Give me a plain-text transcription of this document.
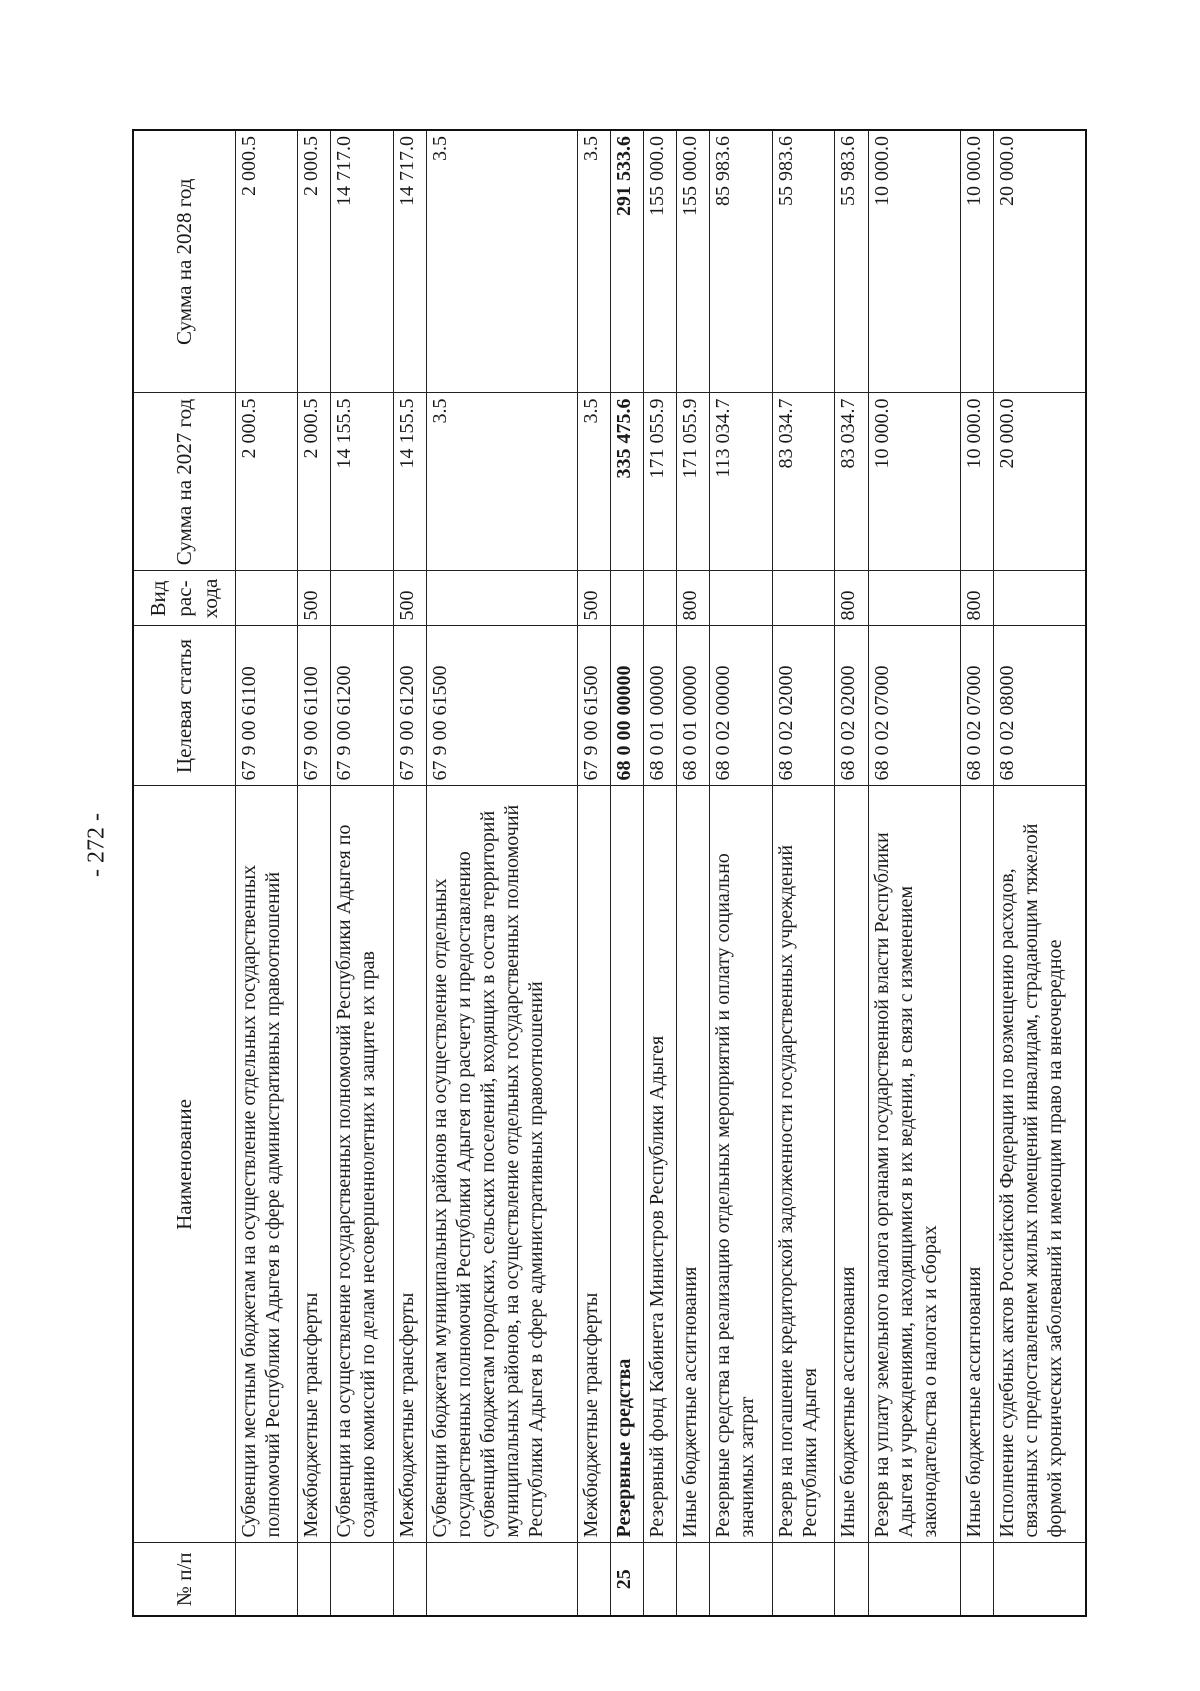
- 272 -
№ п/п	Наименование	Целевая статья	Вид рас- хода	Сумма на 2027 год	Сумма на 2028 год
	Субвенции местным бюджетам на осуществление отдельных государственных полномочий Республики Адыгея в сфере административных правоотношений	67 9 00 61100		2 000.5	2 000.5
	Межбюджетные трансферты	67 9 00 61100	500	2 000.5	2 000.5
	Субвенции на осуществление государственных полномочий Республики Адыгея по созданию комиссий по делам несовершеннолетних и защите их прав	67 9 00 61200		14 155.5	14 717.0
	Межбюджетные трансферты	67 9 00 61200	500	14 155.5	14 717.0
	Субвенции бюджетам муниципальных районов на осуществление отдельных государственных полномочий Республики Адыгея по расчету и предоставлению субвенций бюджетам городских, сельских поселений, входящих в состав территорий муниципальных районов, на осуществление отдельных государственных полномочий Республики Адыгея в сфере административных правоотношений	67 9 00 61500		3.5	3.5
	Межбюджетные трансферты	67 9 00 61500	500	3.5	3.5
25	Резервные средства	68 0 00 00000		335 475.6	291 533.6
	Резервный фонд Кабинета Министров Республики Адыгея	68 0 01 00000		171 055.9	155 000.0
	Иные бюджетные ассигнования	68 0 01 00000	800	171 055.9	155 000.0
	Резервные средства на реализацию отдельных мероприятий и оплату социально значимых затрат	68 0 02 00000		113 034.7	85 983.6
	Резерв на погашение кредиторской задолженности государственных учреждений Республики Адыгея	68 0 02 02000		83 034.7	55 983.6
	Иные бюджетные ассигнования	68 0 02 02000	800	83 034.7	55 983.6
	Резерв на уплату земельного налога органами государственной власти Республики Адыгея и учреждениями, находящимися в их ведении, в связи с изменением законодательства о налогах и сборах	68 0 02 07000		10 000.0	10 000.0
	Иные бюджетные ассигнования	68 0 02 07000	800	10 000.0	10 000.0
	Исполнение судебных актов Российской Федерации по возмещению расходов, связанных с предоставлением жилых помещений инвалидам, страдающим тяжелой формой хронических заболеваний и имеющим право на внеочередное	68 0 02 08000		20 000.0	20 000.0
